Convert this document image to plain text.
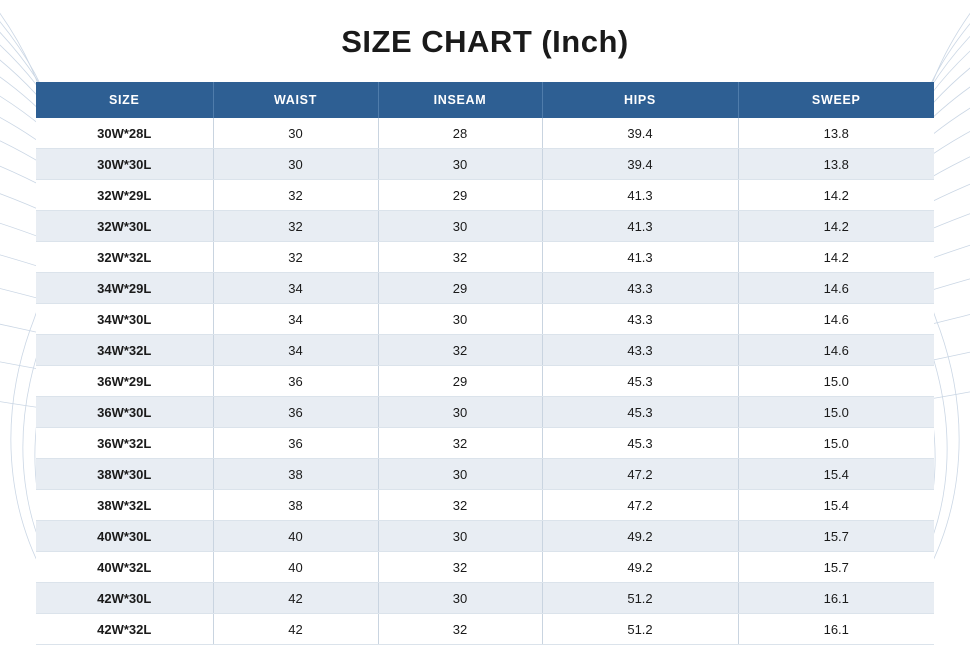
SIZE CHART (Inch)
SIZE	WAIST	INSEAM	HIPS	SWEEP
30W*28L	30	28	39.4	13.8
30W*30L	30	30	39.4	13.8
32W*29L	32	29	41.3	14.2
32W*30L	32	30	41.3	14.2
32W*32L	32	32	41.3	14.2
34W*29L	34	29	43.3	14.6
34W*30L	34	30	43.3	14.6
34W*32L	34	32	43.3	14.6
36W*29L	36	29	45.3	15.0
36W*30L	36	30	45.3	15.0
36W*32L	36	32	45.3	15.0
38W*30L	38	30	47.2	15.4
38W*32L	38	32	47.2	15.4
40W*30L	40	30	49.2	15.7
40W*32L	40	32	49.2	15.7
42W*30L	42	30	51.2	16.1
42W*32L	42	32	51.2	16.1
